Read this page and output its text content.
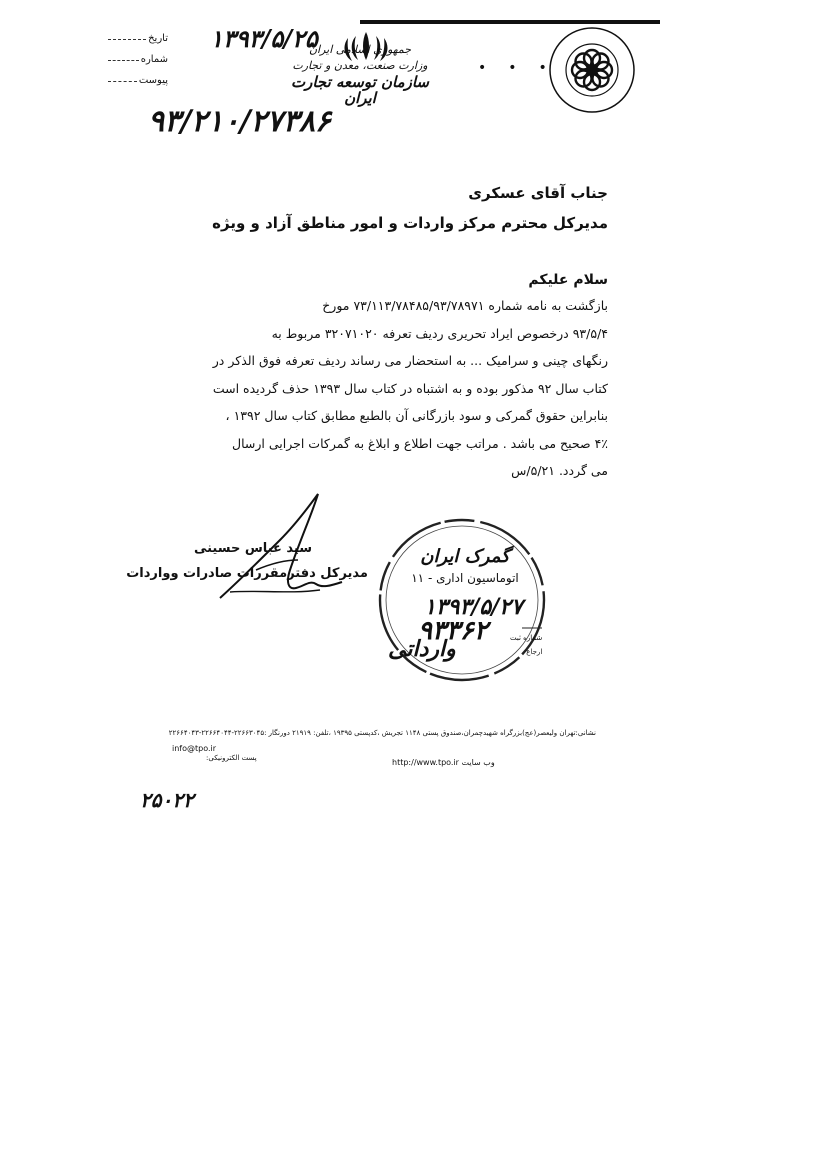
۱۳۹۳/۵/۲۵
تاریخ
شماره
پیوست
جمهوری اسلامی ایران
وزارت صنعت، معدن و تجارت
سازمان توسعه تجارت ایران
•••
۹۳/۲۱۰/۲۷۳۸۶
جناب آقای عسکری
مدیرکل محترم مرکز واردات و امور مناطق آزاد و ویژه
سلام علیکم

بازگشت به نامه شماره ۷۳/۱۱۳/۷۸۴۸۵/۹۳/۷۸۹۷۱ مورخ

۹۳/۵/۴ درخصوص ایراد تحریری ردیف تعرفه ۳۲۰۷۱۰۲۰ مربوط به

رنگهای چینی و سرامیک ... به استحضار می رساند ردیف تعرفه فوق الذکر در

کتاب سال ۹۲ مذکور بوده و به اشتباه در کتاب سال ۱۳۹۳ حذف گردیده است

بنابراین حقوق گمرکی و سود بازرگانی آن بالطبع مطابق کتاب سال ۱۳۹۲ ،

۴٪ صحیح می باشد . مراتب جهت اطلاع و ابلاغ به گمرکات اجرایی ارسال

می گردد. ۵/۲۱/س

سید عباس حسینی
مدیرکل دفترمقررات صادرات وواردات
گمرک ایران
اتوماسیون اداری - ۱۱
۱۳۹۳/۵/۲۷
۹۳۳۶۲	شماره ثبت
ارجاع
وارداتی
نشانی:تهران ولیعصر(عج)بزرگراه شهیدچمران،صندوق پستی ۱۱۴۸ تجریش ،کدپستی ۱۹۳۹۵ ،تلفن: ۲۱۹۱۹ دورنگار :۲۲۶۶۳۰۴۵-۲۲۶۶۴۰۴۴-۲۲۶۶۴۰۴۳
http://www.tpo.ir وب سایت
info@tpo.ir
پست الکترونیکی:
۲۵۰۲۲
